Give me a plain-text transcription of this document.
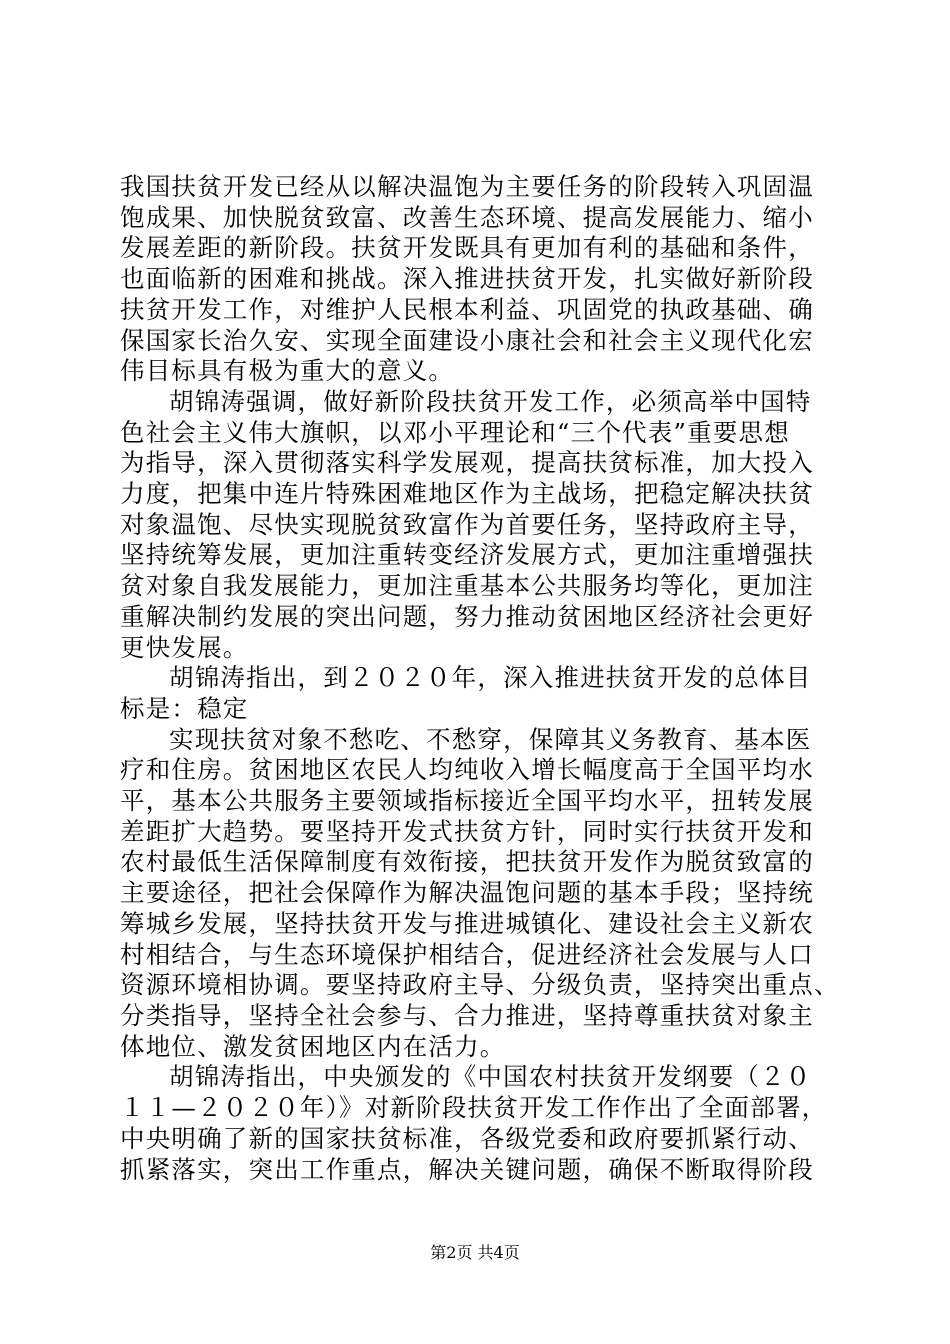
我国扶贫开发已经从以解决温饱为主要任务的阶段转入巩固温
饱成果、加快脱贫致富、改善生态环境、提高发展能力、缩小
发展差距的新阶段。扶贫开发既具有更加有利的基础和条件，
也面临新的困难和挑战。深入推进扶贫开发，扎实做好新阶段
扶贫开发工作，对维护人民根本利益、巩固党的执政基础、确
保国家长治久安、实现全面建设小康社会和社会主义现代化宏
伟目标具有极为重大的意义。
胡锦涛强调，做好新阶段扶贫开发工作，必须高举中国特
色社会主义伟大旗帜，以邓小平理论和“三个代表”重要思想
为指导，深入贯彻落实科学发展观，提高扶贫标准，加大投入
力度，把集中连片特殊困难地区作为主战场，把稳定解决扶贫
对象温饱、尽快实现脱贫致富作为首要任务，坚持政府主导，
坚持统筹发展，更加注重转变经济发展方式，更加注重增强扶
贫对象自我发展能力，更加注重基本公共服务均等化，更加注
重解决制约发展的突出问题，努力推动贫困地区经济社会更好
更快发展。
胡锦涛指出，到２０２０年，深入推进扶贫开发的总体目
标是：稳定
实现扶贫对象不愁吃、不愁穿，保障其义务教育、基本医
疗和住房。贫困地区农民人均纯收入增长幅度高于全国平均水
平，基本公共服务主要领域指标接近全国平均水平，扭转发展
差距扩大趋势。要坚持开发式扶贫方针，同时实行扶贫开发和
农村最低生活保障制度有效衔接，把扶贫开发作为脱贫致富的
主要途径，把社会保障作为解决温饱问题的基本手段；坚持统
筹城乡发展，坚持扶贫开发与推进城镇化、建设社会主义新农
村相结合，与生态环境保护相结合，促进经济社会发展与人口
资源环境相协调。要坚持政府主导、分级负责，坚持突出重点、
分类指导，坚持全社会参与、合力推进，坚持尊重扶贫对象主
体地位、激发贫困地区内在活力。
胡锦涛指出，中央颁发的《中国农村扶贫开发纲要（２０
１１—２０２０年）》对新阶段扶贫开发工作作出了全面部署，
中央明确了新的国家扶贫标准，各级党委和政府要抓紧行动、
抓紧落实，突出工作重点，解决关键问题，确保不断取得阶段
第2页 共4页
